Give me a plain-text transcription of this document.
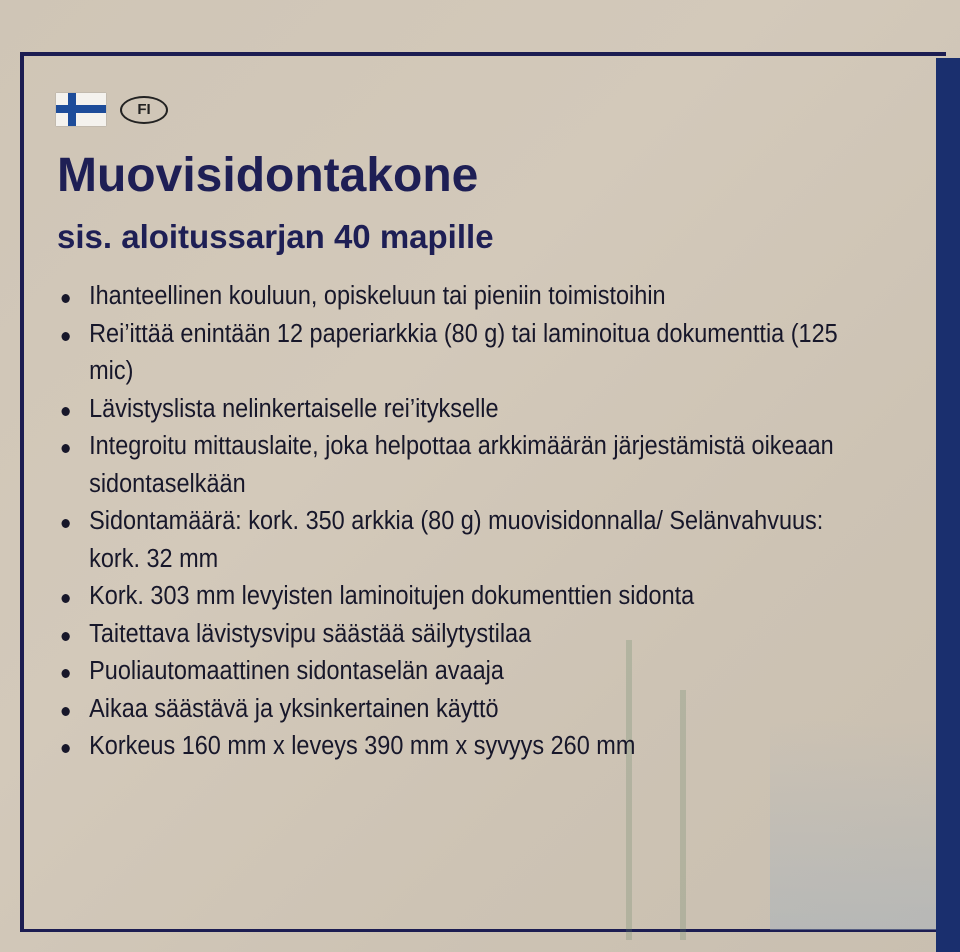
FI
Muovisidontakone
sis. aloitussarjan 40 mapille
Ihanteellinen kouluun, opiskeluun tai pieniin toimistoihin
Rei’ittää enintään 12 paperiarkkia (80 g) tai laminoitua dokumenttia (125 mic)
Lävistyslista nelinkertaiselle rei’itykselle
Integroitu mittauslaite, joka helpottaa arkkimäärän järjestämistä oikeaan sidontaselkään
Sidontamäärä: kork. 350 arkkia (80 g) muovisidonnalla/ Selänvahvuus: kork. 32 mm
Kork. 303 mm levyisten laminoitujen dokumenttien sidonta
Taitettava lävistysvipu säästää säilytystilaa
Puoliautomaattinen sidontaselän avaaja
Aikaa säästävä ja yksinkertainen käyttö
Korkeus 160 mm x leveys 390 mm x syvyys 260 mm
